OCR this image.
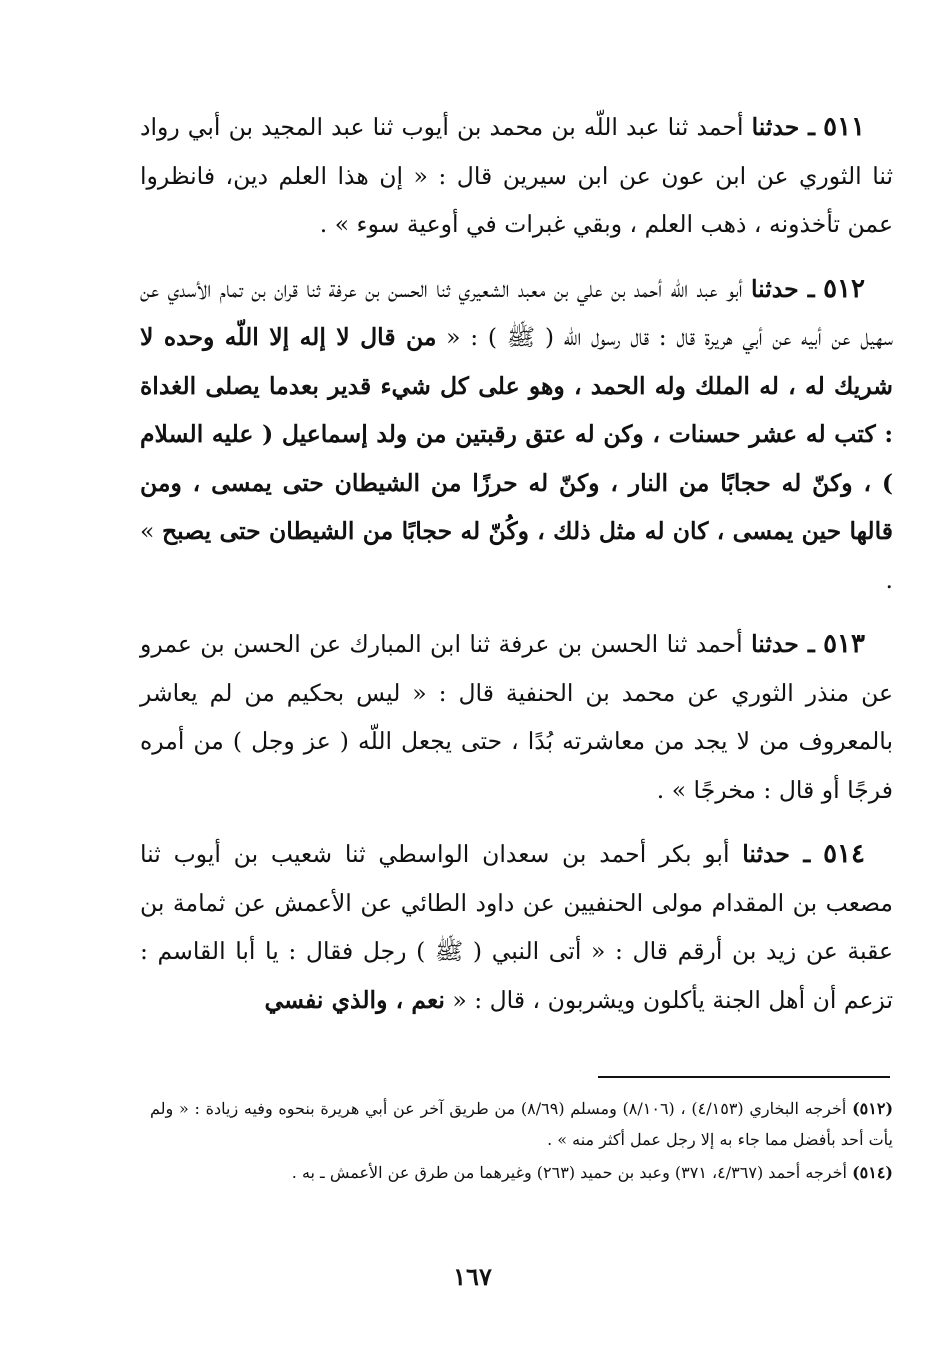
٥١١ ـ حدثنا أحمد ثنا عبد اللّه بن محمد بن أيوب ثنا عبد المجيد بن أبي رواد ثنا الثوري عن ابن عون عن ابن سيرين قال : « إن هذا العلم دين، فانظروا عمن تأخذونه ، ذهب العلم ، وبقي غبرات في أوعية سوء » .

٥١٢ ـ حدثنا أبو عبد اللّه أحمد بن علي بن معبد الشعيري ثنا الحسن بن عرفة ثنا قران بن تمام الأسدي عن سهيل عن أبيه عن أبي هريرة قال : قال رسول اللّه ( ﷺ ) : « من قال لا إله إلا اللّه وحده لا شريك له ، له الملك وله الحمد ، وهو على كل شيء قدير بعدما يصلى الغداة : كتب له عشر حسنات ، وكن له عتق رقبتين من ولد إسماعيل ( عليه السلام ) ، وكنّ له حجابًا من النار ، وكنّ له حرزًا من الشيطان حتى يمسى ، ومن قالها حين يمسى ، كان له مثل ذلك ، وكُنّ له حجابًا من الشيطان حتى يصبح » .

٥١٣ ـ حدثنا أحمد ثنا الحسن بن عرفة ثنا ابن المبارك عن الحسن بن عمرو عن منذر الثوري عن محمد بن الحنفية قال : « ليس بحكيم من لم يعاشر بالمعروف من لا يجد من معاشرته بُدًا ، حتى يجعل اللّه ( عز وجل ) من أمره فرجًا أو قال : مخرجًا » .

٥١٤ ـ حدثنا أبو بكر أحمد بن سعدان الواسطي ثنا شعيب بن أيوب ثنا مصعب بن المقدام مولى الحنفيين عن داود الطائي عن الأعمش عن ثمامة بن عقبة عن زيد بن أرقم قال : « أتى النبي ( ﷺ ) رجل فقال : يا أبا القاسم : تزعم أن أهل الجنة يأكلون ويشربون ، قال : « نعم ، والذي نفسي

(٥١٢) أخرجه البخاري (٤/١٥٣) ، (٨/١٠٦) ومسلم (٨/٦٩) من طريق آخر عن أبي هريرة بنحوه وفيه زيادة : « ولم يأت أحد بأفضل مما جاء به إلا رجل عمل أكثر منه » .

(٥١٤) أخرجه أحمد (٤/٣٦٧، ٣٧١) وعبد بن حميد (٢٦٣) وغيرهما من طرق عن الأعمش ـ به .

١٦٧
